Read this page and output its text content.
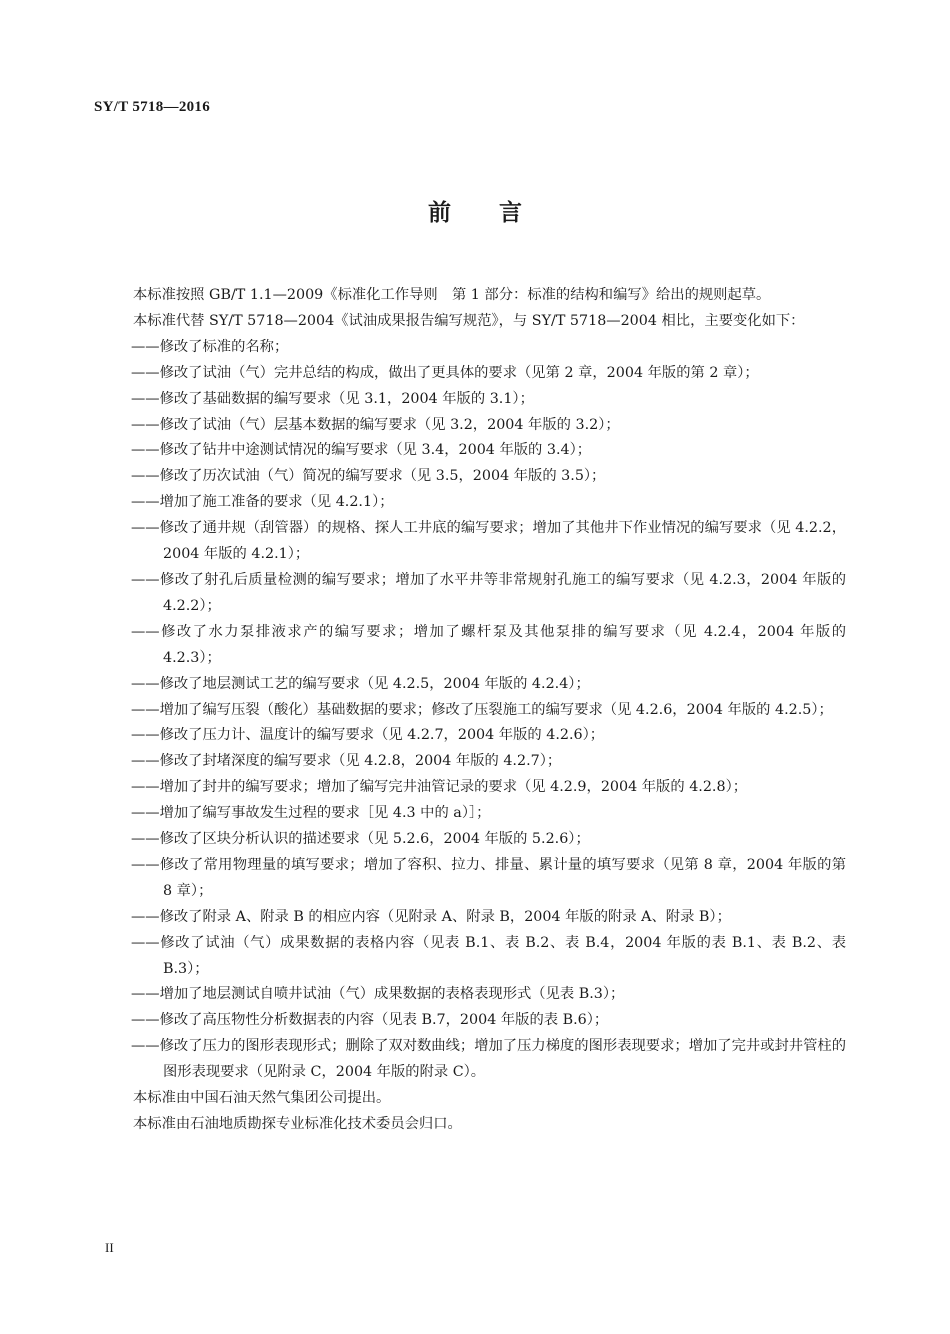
SY/T 5718—2016
前言

本标准按照 GB/T 1.1—2009《标准化工作导则　第 1 部分：标准的结构和编写》给出的规则起草。

本标准代替 SY/T 5718—2004《试油成果报告编写规范》，与 SY/T 5718—2004 相比，主要变化如下：

——修改了标准的名称；

——修改了试油（气）完井总结的构成，做出了更具体的要求（见第 2 章，2004 年版的第 2 章）；

——修改了基础数据的编写要求（见 3.1，2004 年版的 3.1）；

——修改了试油（气）层基本数据的编写要求（见 3.2，2004 年版的 3.2）；

——修改了钻井中途测试情况的编写要求（见 3.4，2004 年版的 3.4）；

——修改了历次试油（气）简况的编写要求（见 3.5，2004 年版的 3.5）；

——增加了施工准备的要求（见 4.2.1）；

——修改了通井规（刮管器）的规格、探人工井底的编写要求；增加了其他井下作业情况的编写要求（见 4.2.2，2004 年版的 4.2.1）；

——修改了射孔后质量检测的编写要求；增加了水平井等非常规射孔施工的编写要求（见 4.2.3，2004 年版的 4.2.2）；

——修改了水力泵排液求产的编写要求；增加了螺杆泵及其他泵排的编写要求（见 4.2.4，2004 年版的 4.2.3）；

——修改了地层测试工艺的编写要求（见 4.2.5，2004 年版的 4.2.4）；

——增加了编写压裂（酸化）基础数据的要求；修改了压裂施工的编写要求（见 4.2.6，2004 年版的 4.2.5）；

——修改了压力计、温度计的编写要求（见 4.2.7，2004 年版的 4.2.6）；

——修改了封堵深度的编写要求（见 4.2.8，2004 年版的 4.2.7）；

——增加了封井的编写要求；增加了编写完井油管记录的要求（见 4.2.9，2004 年版的 4.2.8）；

——增加了编写事故发生过程的要求［见 4.3 中的 a）］；

——修改了区块分析认识的描述要求（见 5.2.6，2004 年版的 5.2.6）；

——修改了常用物理量的填写要求；增加了容积、拉力、排量、累计量的填写要求（见第 8 章，2004 年版的第 8 章）；

——修改了附录 A、附录 B 的相应内容（见附录 A、附录 B，2004 年版的附录 A、附录 B）；

——修改了试油（气）成果数据的表格内容（见表 B.1、表 B.2、表 B.4，2004 年版的表 B.1、表 B.2、表 B.3）；

——增加了地层测试自喷井试油（气）成果数据的表格表现形式（见表 B.3）；

——修改了高压物性分析数据表的内容（见表 B.7，2004 年版的表 B.6）；

——修改了压力的图形表现形式；删除了双对数曲线；增加了压力梯度的图形表现要求；增加了完井或封井管柱的图形表现要求（见附录 C，2004 年版的附录 C）。

本标准由中国石油天然气集团公司提出。

本标准由石油地质勘探专业标准化技术委员会归口。

II
